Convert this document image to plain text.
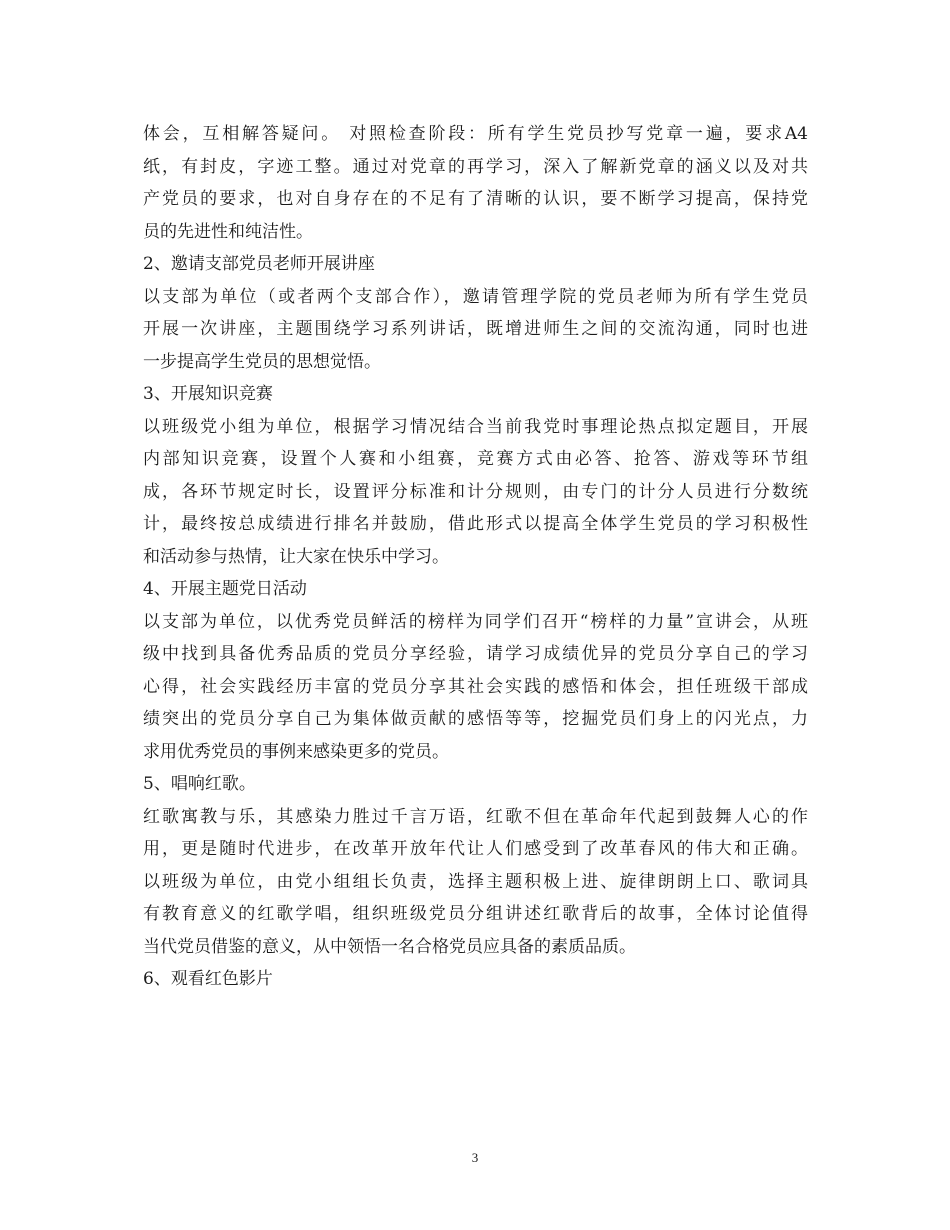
体会，互相解答疑问。 对照检查阶段：所有学生党员抄写党章一遍，要求A4
纸，有封皮，字迹工整。通过对党章的再学习，深入了解新党章的涵义以及对共
产党员的要求，也对自身存在的不足有了清晰的认识，要不断学习提高，保持党
员的先进性和纯洁性。
2、邀请支部党员老师开展讲座
以支部为单位（或者两个支部合作），邀请管理学院的党员老师为所有学生党员
开展一次讲座，主题围绕学习系列讲话，既增进师生之间的交流沟通，同时也进
一步提高学生党员的思想觉悟。
3、开展知识竞赛
以班级党小组为单位，根据学习情况结合当前我党时事理论热点拟定题目，开展
内部知识竞赛，设置个人赛和小组赛，竞赛方式由必答、抢答、游戏等环节组
成，各环节规定时长，设置评分标准和计分规则，由专门的计分人员进行分数统
计，最终按总成绩进行排名并鼓励，借此形式以提高全体学生党员的学习积极性
和活动参与热情，让大家在快乐中学习。
4、开展主题党日活动
以支部为单位，以优秀党员鲜活的榜样为同学们召开“榜样的力量”宣讲会，从班
级中找到具备优秀品质的党员分享经验，请学习成绩优异的党员分享自己的学习
心得，社会实践经历丰富的党员分享其社会实践的感悟和体会，担任班级干部成
绩突出的党员分享自己为集体做贡献的感悟等等，挖掘党员们身上的闪光点，力
求用优秀党员的事例来感染更多的党员。
5、唱响红歌。
红歌寓教与乐，其感染力胜过千言万语，红歌不但在革命年代起到鼓舞人心的作
用，更是随时代进步，在改革开放年代让人们感受到了改革春风的伟大和正确。
以班级为单位，由党小组组长负责，选择主题积极上进、旋律朗朗上口、歌词具
有教育意义的红歌学唱，组织班级党员分组讲述红歌背后的故事，全体讨论值得
当代党员借鉴的意义，从中领悟一名合格党员应具备的素质品质。
6、观看红色影片
3
